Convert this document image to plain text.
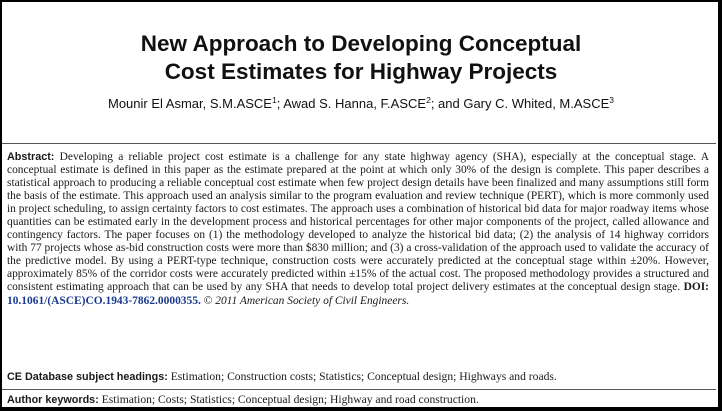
New Approach to Developing Conceptual
Cost Estimates for Highway Projects
Mounir El Asmar, S.M.ASCE$^1$; Awad S. Hanna, F.ASCE$^2$; and Gary C. Whited, M.ASCE$^3$
Abstract: Developing a reliable project cost estimate is a challenge for any state highway agency (SHA), especially at the conceptual stage. A conceptual estimate is defined in this paper as the estimate prepared at the point at which only 30% of the design is complete. This paper describes a statistical approach to producing a reliable conceptual cost estimate when few project design details have been finalized and many assumptions still form the basis of the estimate. This approach used an analysis similar to the program evaluation and review technique (PERT), which is more commonly used in project scheduling, to assign certainty factors to cost estimates. The approach uses a combination of historical bid data for major roadway items whose quantities can be estimated early in the development process and historical percentages for other major components of the project, called allowance and contingency factors. The paper focuses on (1) the methodology developed to analyze the historical bid data; (2) the analysis of 14 highway corridors with 77 projects whose as-bid construction costs were more than $830 million; and (3) a cross-validation of the approach used to validate the accuracy of the predictive model. By using a PERT-type technique, construction costs were accurately predicted at the conceptual stage within ±20%. However, approximately 85% of the corridor costs were accurately predicted within ±15% of the actual cost. The proposed methodology provides a structured and consistent estimating approach that can be used by any SHA that needs to develop total project delivery estimates at the conceptual design stage. DOI: 10.1061/(ASCE)CO.1943-7862.0000355. © 2011 American Society of Civil Engineers.
CE Database subject headings: Estimation; Construction costs; Statistics; Conceptual design; Highways and roads.
Author keywords: Estimation; Costs; Statistics; Conceptual design; Highway and road construction.
